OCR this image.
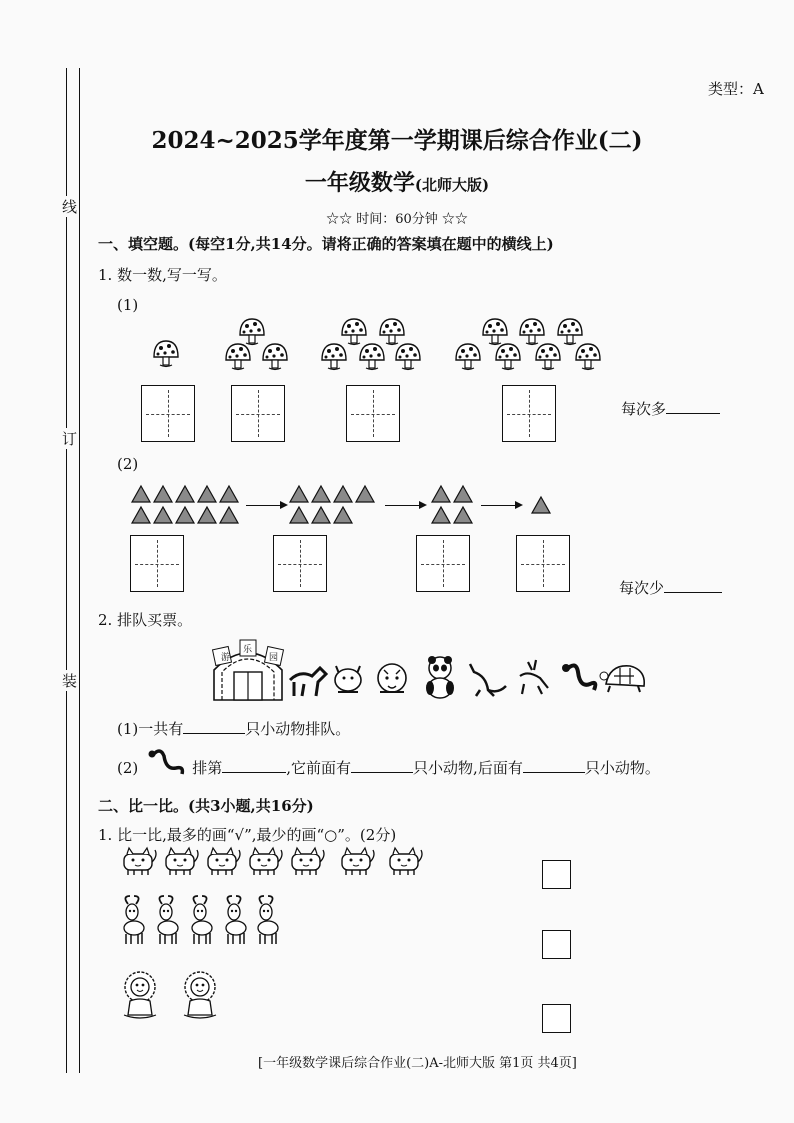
线
订
装
类型：A
2024~2025学年度第一学期课后综合作业(二)
一年级数学(北师大版)
☆☆ 时间：60分钟 ☆☆
一、填空题。(每空1分,共14分。请将正确的答案填在题中的横线上)
1. 数一数,写一写。
(1)
每次多
(2)
每次少
2. 排队买票。
游
乐
园
(1)一共有	只小动物排队。
(2)	排第	,它前面有	只小动物,后面有	只小动物。
二、比一比。(共3小题,共16分)
1. 比一比,最多的画“√”,最少的画“○”。(2分)
[一年级数学课后综合作业(二)A-北师大版 第1页 共4页]
